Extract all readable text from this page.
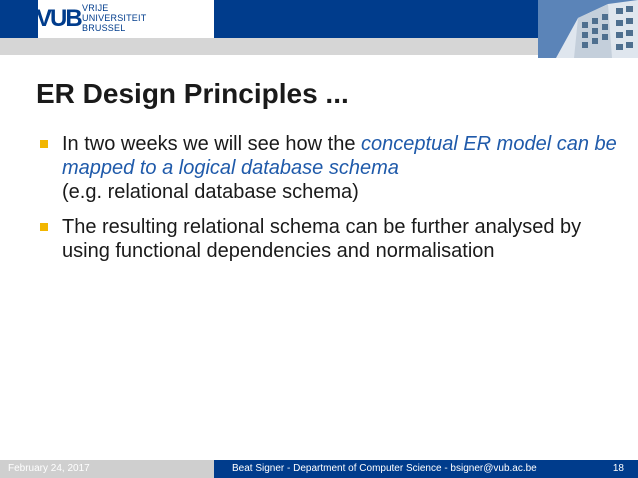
VUB VRIJE
UNIVERSITEIT
BRUSSEL
ER Design Principles ...
In two weeks we will see how the conceptual ER model can be mapped to a logical database schema
(e.g. relational database schema)
The resulting relational schema can be further analysed by using functional dependencies and normalisation
February 24, 2017	Beat Signer - Department of Computer Science - bsigner@vub.ac.be	18
